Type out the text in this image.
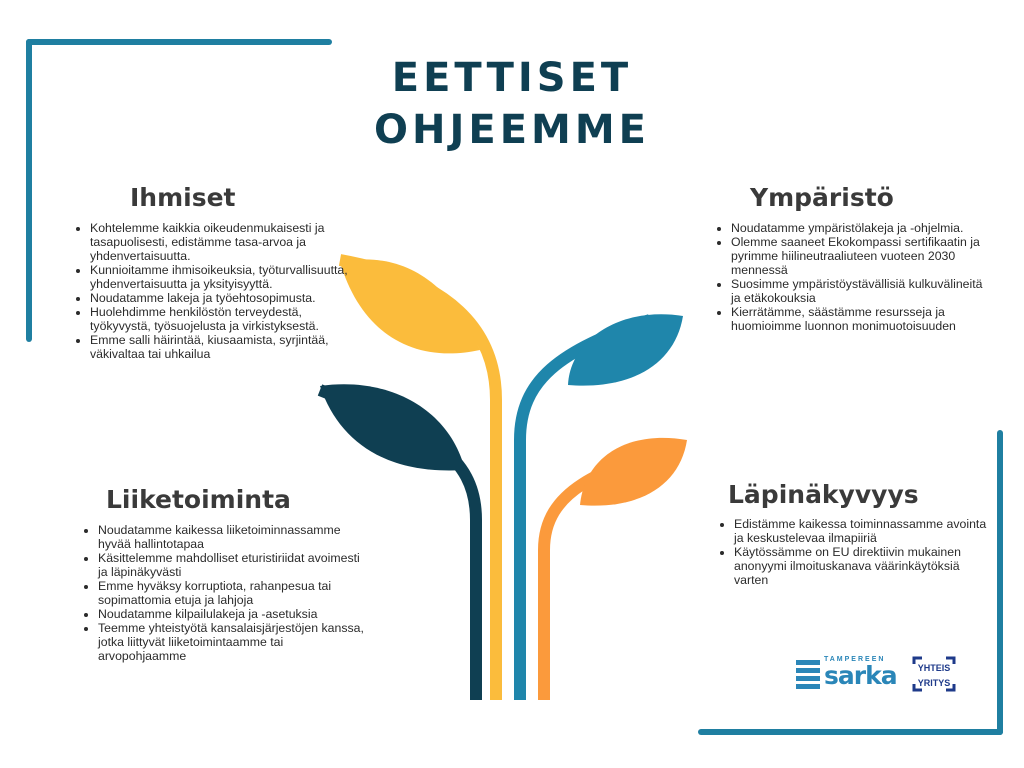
EETTISET
OHJEEMME
Ihmiset
• Kohtelemme kaikkia oikeudenmukaisesti ja tasapuolisesti, edistämme tasa-arvoa ja yhdenvertaisuutta.
• Kunnioitamme ihmisoikeuksia, työturvallisuutta, yhdenvertaisuutta ja yksityisyyttä.
• Noudatamme lakeja ja työehtosopimusta.
• Huolehdimme henkilöstön terveydestä, työkyvystä, työsuojelusta ja virkistyksestä.
• Emme salli häirintää, kiusaamista, syrjintää, väkivaltaa tai uhkailua
Ympäristö
• Noudatamme ympäristölakeja ja -ohjelmia.
• Olemme saaneet Ekokompassi sertifikaatin ja pyrimme hiilineutraaliuteen vuoteen 2030 mennessä
• Suosimme ympäristöystävällisiä kulkuvälineitä ja etäkokouksia
• Kierrätämme, säästämme resursseja ja huomioimme luonnon monimuotoisuuden
Liiketoiminta
• Noudatamme kaikessa liiketoiminnassamme hyvää hallintotapaa
• Käsittelemme mahdolliset eturistiriidat avoimesti ja läpinäkyvästi
• Emme hyväksy korruptiota, rahanpesua tai sopimattomia etuja ja lahjoja
• Noudatamme kilpailulakeja ja -asetuksia
• Teemme yhteistyötä kansalaisjärjestöjen kanssa, jotka liittyvät liiketoimintaamme tai arvopohjaamme
Läpinäkyvyys
• Edistämme kaikessa toiminnassamme avointa ja keskustelevaa ilmapiiriä
• Käytössämme on EU direktiivin mukainen anonyymi ilmoituskanava väärinkäytöksiä varten
TAMPEREEN
sarka	YHTEIS
YRITYS
